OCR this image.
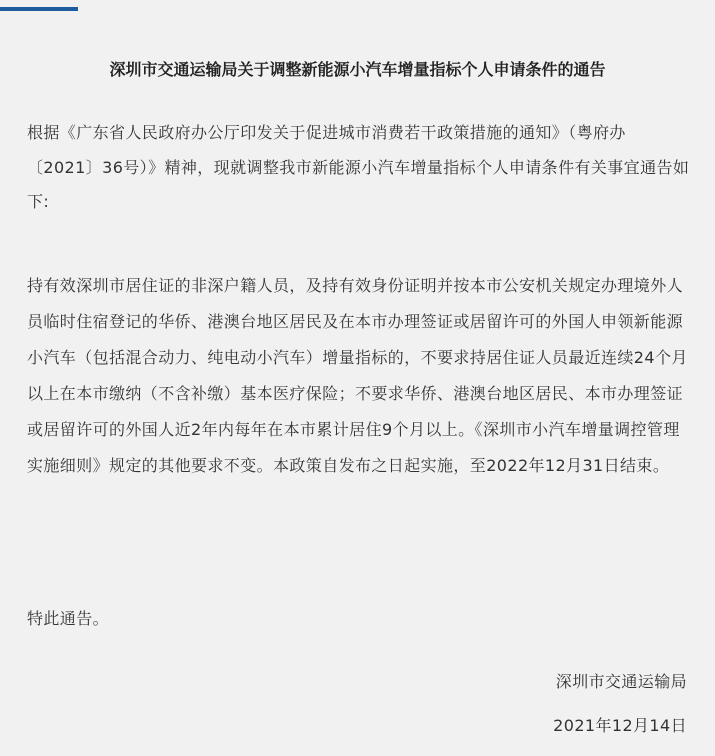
深圳市交通运输局关于调整新能源小汽车增量指标个人申请条件的通告

根据《广东省人民政府办公厅印发关于促进城市消费若干政策措施的通知》（粤府办〔2021〕36号）》精神，现就调整我市新能源小汽车增量指标个人申请条件有关事宜通告如下:

持有效深圳市居住证的非深户籍人员，及持有效身份证明并按本市公安机关规定办理境外人员临时住宿登记的华侨、港澳台地区居民及在本市办理签证或居留许可的外国人申领新能源小汽车（包括混合动力、纯电动小汽车）增量指标的，不要求持居住证人员最近连续24个月以上在本市缴纳（不含补缴）基本医疗保险；不要求华侨、港澳台地区居民、本市办理签证或居留许可的外国人近2年内每年在本市累计居住9个月以上。《深圳市小汽车增量调控管理实施细则》规定的其他要求不变。本政策自发布之日起实施，至2022年12月31日结束。

特此通告。

深圳市交通运输局
2021年12月14日
